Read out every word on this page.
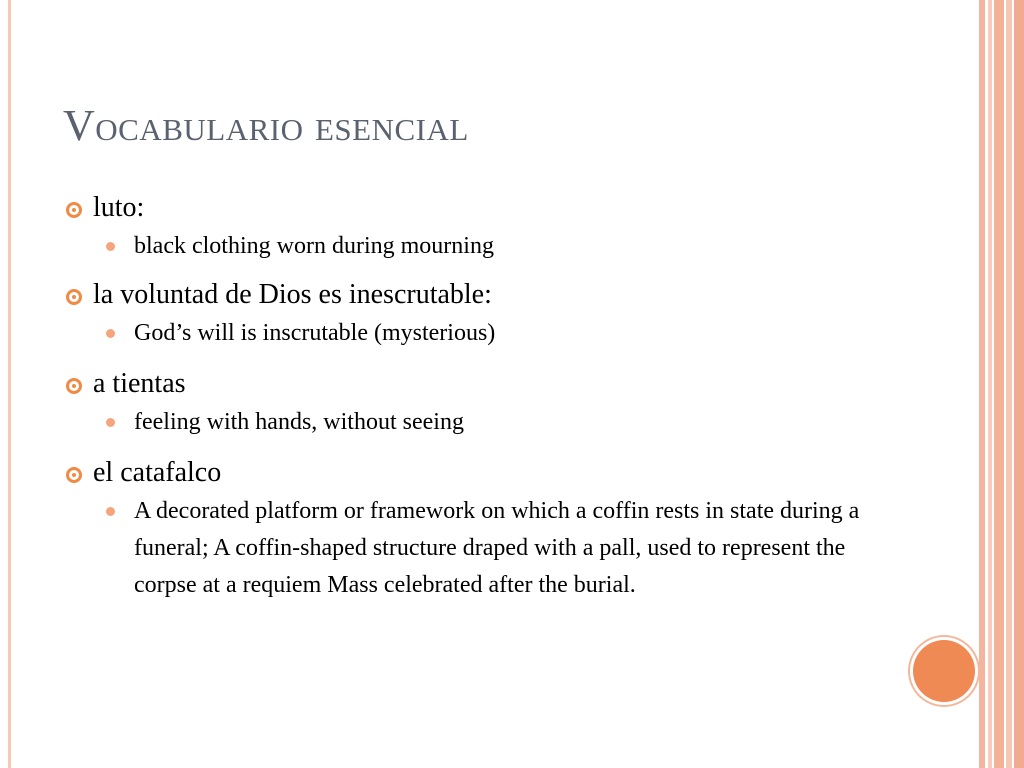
Vocabulario esencial
luto:
black clothing worn during mourning
la voluntad de Dios es inescrutable:
God’s will is inscrutable (mysterious)
a tientas
feeling with hands, without seeing
el catafalco
A decorated platform or framework on which a coffin rests in state during a funeral; A coffin-shaped structure draped with a pall, used to represent the corpse at a requiem Mass celebrated after the burial.
